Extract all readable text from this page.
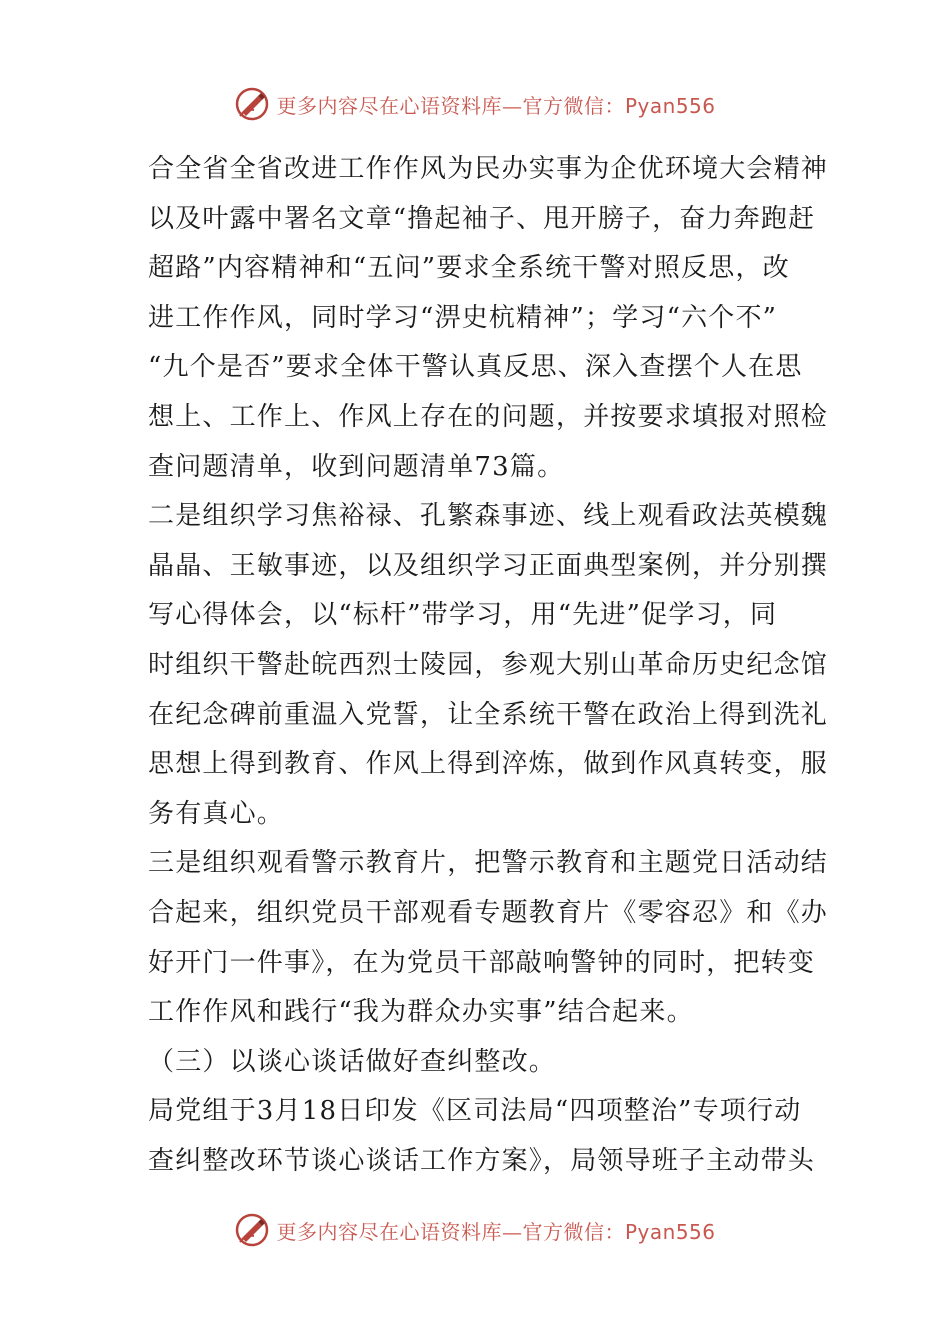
更多内容尽在心语资料库—官方微信：Pyan556
合全省全省改进工作作风为民办实事为企优环境大会精神
以及叶露中署名文章“撸起袖子、甩开膀子，奋力奔跑赶
超路”内容精神和“五问”要求全系统干警对照反思，改
进工作作风，同时学习“淠史杭精神”；学习“六个不”
“九个是否”要求全体干警认真反思、深入查摆个人在思
想上、工作上、作风上存在的问题，并按要求填报对照检
查问题清单，收到问题清单73篇。
二是组织学习焦裕禄、孔繁森事迹、线上观看政法英模魏
晶晶、王敏事迹，以及组织学习正面典型案例，并分别撰
写心得体会，以“标杆”带学习，用“先进”促学习，同
时组织干警赴皖西烈士陵园，参观大别山革命历史纪念馆
在纪念碑前重温入党誓，让全系统干警在政治上得到洗礼
思想上得到教育、作风上得到淬炼，做到作风真转变，服
务有真心。
三是组织观看警示教育片，把警示教育和主题党日活动结
合起来，组织党员干部观看专题教育片《零容忍》和《办
好开门一件事》，在为党员干部敲响警钟的同时，把转变
工作作风和践行“我为群众办实事”结合起来。
（三）以谈心谈话做好查纠整改。
局党组于3月18日印发《区司法局“四项整治”专项行动
查纠整改环节谈心谈话工作方案》，局领导班子主动带头
更多内容尽在心语资料库—官方微信：Pyan556
